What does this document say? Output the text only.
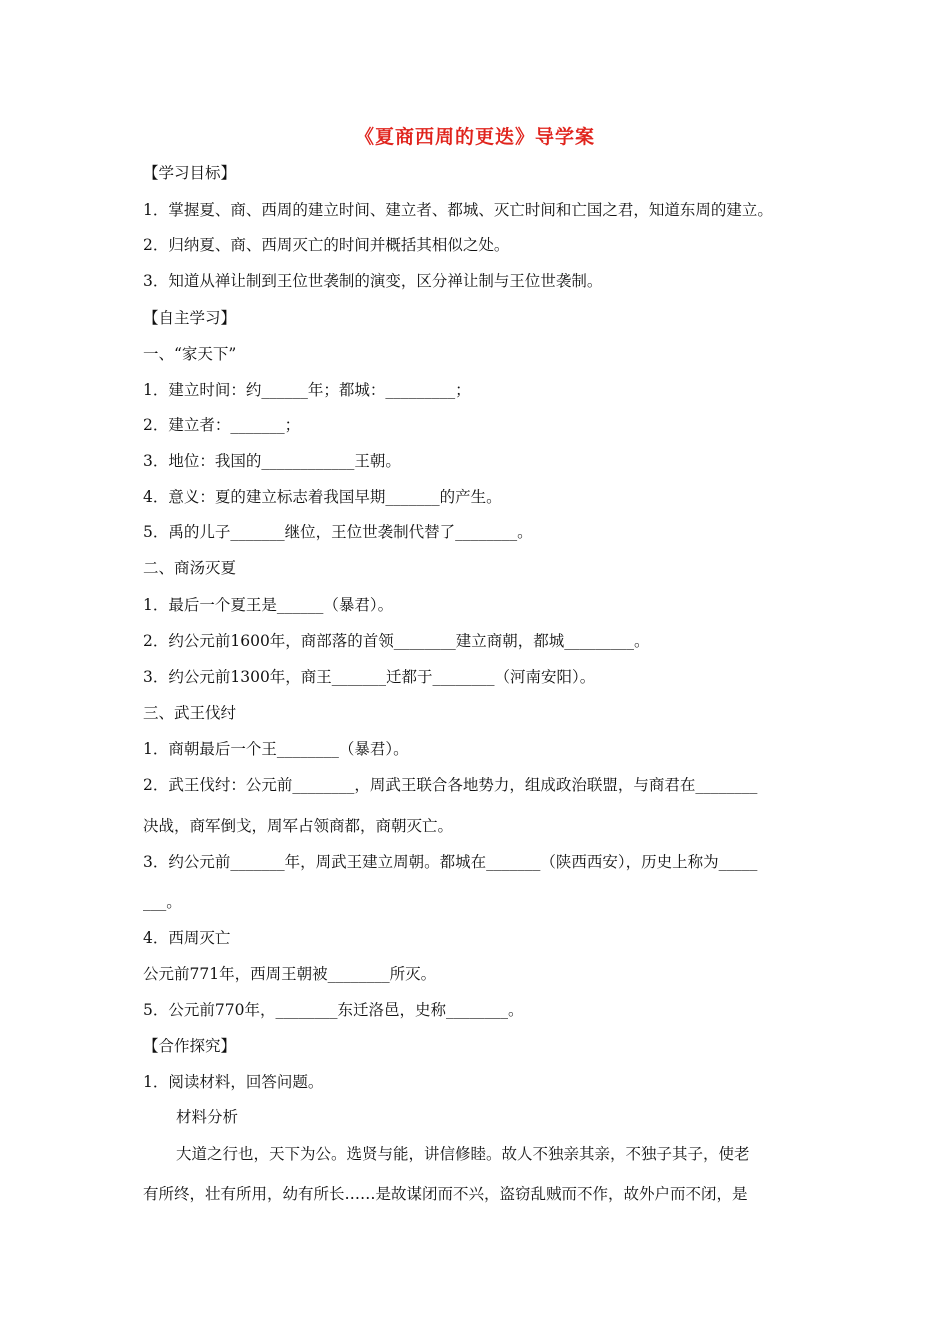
《夏商西周的更迭》导学案
【学习目标】
1．掌握夏、商、西周的建立时间、建立者、都城、灭亡时间和亡国之君，知道东周的建立。
2．归纳夏、商、西周灭亡的时间并概括其相似之处。
3．知道从禅让制到王位世袭制的演变，区分禅让制与王位世袭制。
【自主学习】
一、“家天下”
1．建立时间：约______年；都城：_________；
2．建立者：_______；
3．地位：我国的____________王朝。
4．意义：夏的建立标志着我国早期_______的产生。
5．禹的儿子_______继位，王位世袭制代替了________。
二、商汤灭夏
1．最后一个夏王是______（暴君）。
2．约公元前1600年，商部落的首领________建立商朝，都城_________。
3．约公元前1300年，商王_______迁都于________（河南安阳）。
三、武王伐纣
1．商朝最后一个王________（暴君）。
2．武王伐纣：公元前________，周武王联合各地势力，组成政治联盟，与商君在________
决战，商军倒戈，周军占领商都，商朝灭亡。
3．约公元前_______年，周武王建立周朝。都城在_______（陕西西安），历史上称为_____
___。
4．西周灭亡
公元前771年，西周王朝被________所灭。
5．公元前770年，________东迁洛邑，史称________。
【合作探究】
1．阅读材料，回答问题。
材料分析
大道之行也，天下为公。选贤与能，讲信修睦。故人不独亲其亲，不独子其子，使老
有所终，壮有所用，幼有所长……是故谋闭而不兴，盗窃乱贼而不作，故外户而不闭，是
